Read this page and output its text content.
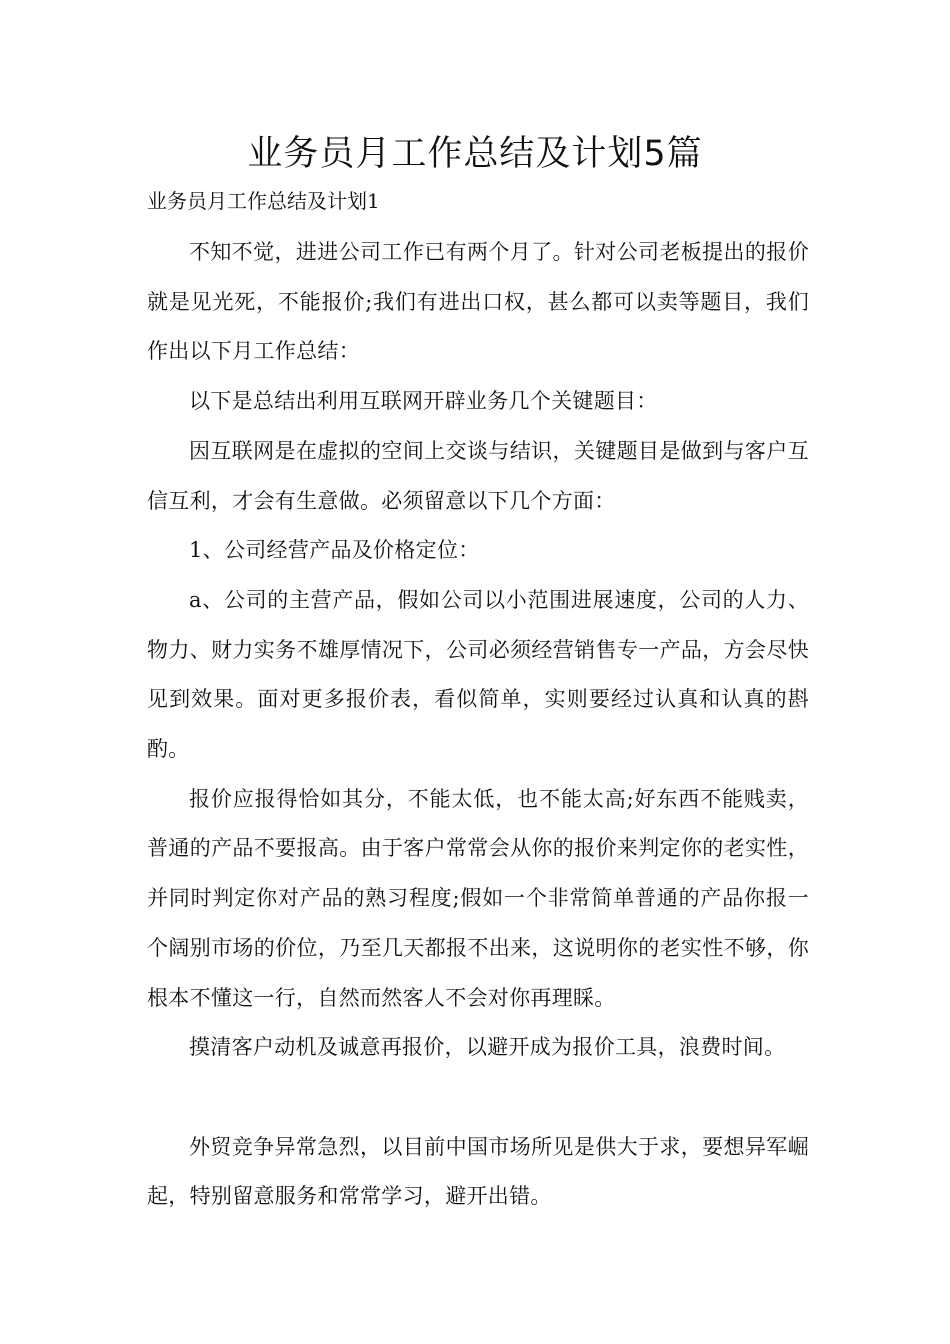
业务员月工作总结及计划5篇

业务员月工作总结及计划1

不知不觉，进进公司工作已有两个月了。针对公司老板提出的报价就是见光死，不能报价;我们有进出口权，甚么都可以卖等题目，我们作出以下月工作总结：

以下是总结出利用互联网开辟业务几个关键题目：

因互联网是在虚拟的空间上交谈与结识，关键题目是做到与客户互信互利，才会有生意做。必须留意以下几个方面：

1、公司经营产品及价格定位：

a、公司的主营产品，假如公司以小范围进展速度，公司的人力、物力、财力实务不雄厚情况下，公司必须经营销售专一产品，方会尽快见到效果。面对更多报价表，看似简单，实则要经过认真和认真的斟酌。

报价应报得恰如其分，不能太低，也不能太高;好东西不能贱卖，普通的产品不要报高。由于客户常常会从你的报价来判定你的老实性，并同时判定你对产品的熟习程度;假如一个非常简单普通的产品你报一个阔别市场的价位，乃至几天都报不出来，这说明你的老实性不够，你根本不懂这一行，自然而然客人不会对你再理睬。

摸清客户动机及诚意再报价，以避开成为报价工具，浪费时间。

外贸竞争异常急烈，以目前中国市场所见是供大于求，要想异军崛起，特别留意服务和常常学习，避开出错。
